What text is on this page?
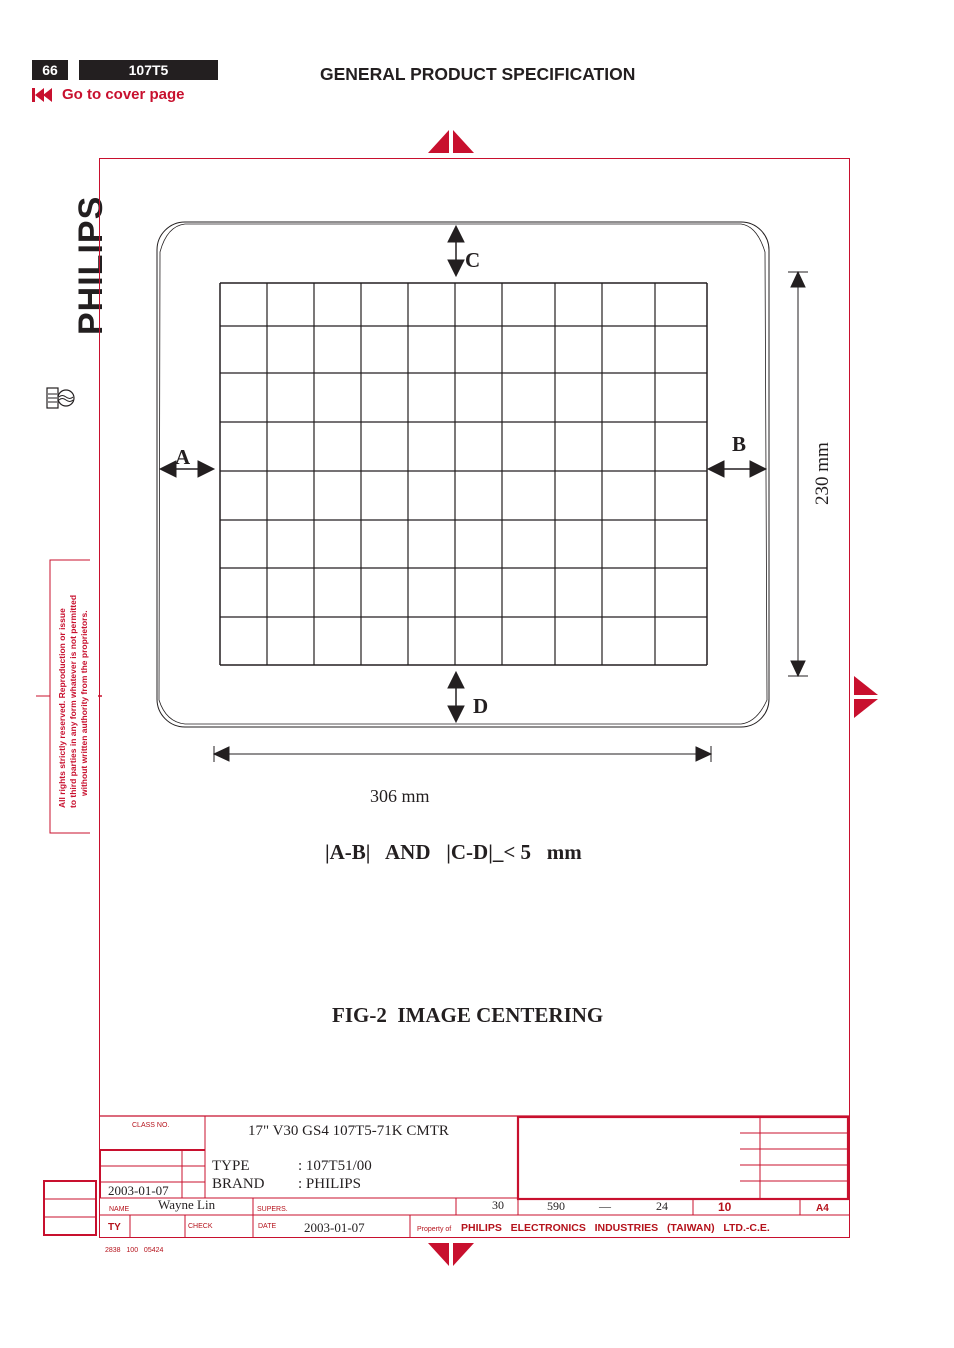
66	107T5
Go to cover page
GENERAL PRODUCT SPECIFICATION
PHILIPS
All rights strictly reserved. Reproduction or issue to third parties in any form whatever is not permitted without written authority from the proprietors.
C
D
A
B	230 mm
306 mm
|A-B|   AND   |C-D|_< 5   mm
FIG-2  IMAGE CENTERING
CLASS NO.	17" V30 GS4 107T5-71K CMTR
TYPE	: 107T51/00
BRAND : PHILIPS
2003-01-07
NAME Wayne Lin	SUPERS.	30	590	—	24	10	A4
TY	CHECK	DATE 2003-01-07	Property of PHILIPS   ELECTRONICS   INDUSTRIES   (TAIWAN)   LTD.-C.E.
2838   100   05424
